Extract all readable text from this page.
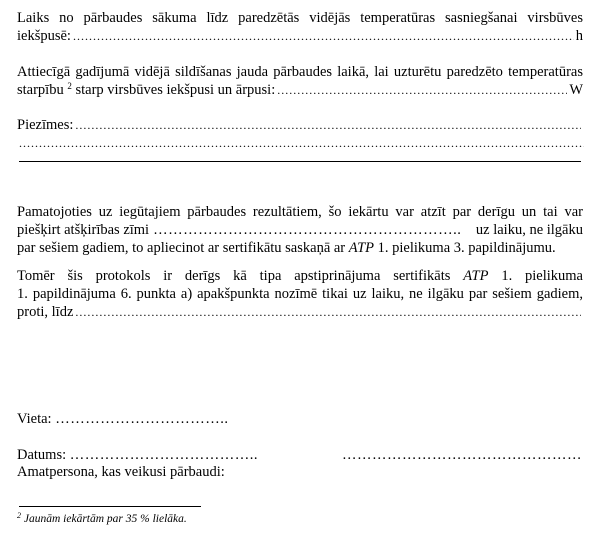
Laiks no pārbaudes sākuma līdz paredzētās vidējās temperatūras sasniegšanai virsbūves
iekšpusē: .....	h
Attiecīgā gadījumā vidējā sildīšanas jauda pārbaudes laikā, lai uzturētu paredzēto temperatūras
starpību $^2$ starp virsbūves iekšpusi un ārpusi: .....	W
Piezīmes:
.....
.....
Pamatojoties uz iegūtajiem pārbaudes rezultātiem, šo iekārtu var atzīt par derīgu un tai var
piešķirt atšķirības zīmi ……………………………………………………..	uz laiku, ne ilgāku
par sešiem gadiem, to apliecinot ar sertifikātu saskaņā ar ATP 1. pielikuma 3. papildinājumu.
Tomēr šis protokols ir derīgs kā tipa apstiprinājuma sertifikāts ATP 1. pielikuma
1. papildinājuma 6. punkta a) apakšpunkta nozīmē tikai uz laiku, ne ilgāku par sešiem gadiem,
proti, līdz
.....
Vieta: ……………………………..
Datums: ………………………………..	…………………………………………
Amatpersona, kas veikusi pārbaudi:
$^2$ Jaunām iekārtām par 35 % lielāka.
